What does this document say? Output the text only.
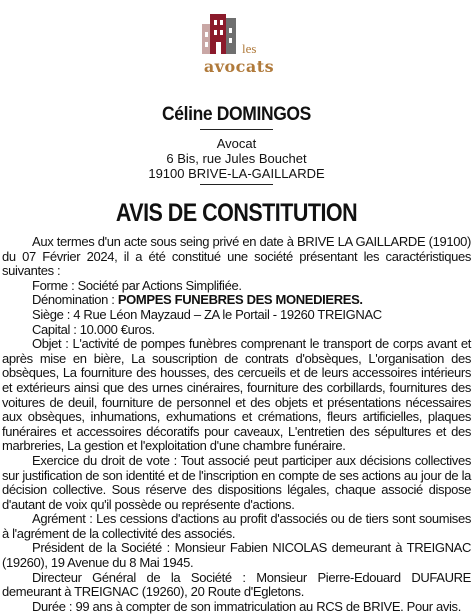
les
avocats
Céline DOMINGOS
Avocat
6 Bis, rue Jules Bouchet
19100 BRIVE-LA-GAILLARDE
AVIS DE CONSTITUTION

Aux termes d'un acte sous seing privé en date à BRIVE LA GAILLARDE (19100) du 07 Février 2024, il a été constitué une société présentant les caractéristiques suivantes :

Forme : Société par Actions Simplifiée.

Dénomination : POMPES FUNEBRES DES MONEDIERES.

Siège : 4 Rue Léon Mayzaud – ZA le Portail - 19260 TREIGNAC

Capital : 10.000 €uros.

Objet : L'activité de pompes funèbres comprenant le transport de corps avant et après mise en bière, La souscription de contrats d'obsèques, L'organisation des obsèques, La fourniture des housses, des cercueils et de leurs accessoires intérieurs et extérieurs ainsi que des urnes cinéraires, fourniture des corbillards, fournitures des voitures de deuil, fourniture de personnel et des objets et présentations nécessaires aux obsèques, inhumations, exhumations et crémations, fleurs artificielles, plaques funéraires et accessoires décoratifs pour caveaux, L'entretien des sépultures et des marbreries, La gestion et l'exploitation d'une chambre funéraire.

Exercice du droit de vote : Tout associé peut participer aux décisions collectives sur justification de son identité et de l'inscription en compte de ses actions au jour de la décision collective. Sous réserve des dispositions légales, chaque associé dispose d'autant de voix qu'il possède ou représente d'actions.

Agrément : Les cessions d'actions au profit d'associés ou de tiers sont soumises à l'agrément de la collectivité des associés.

Président de la Société : Monsieur Fabien NICOLAS demeurant à TREIGNAC (19260), 19 Avenue du 8 Mai 1945.

Directeur Général de la Société : Monsieur Pierre-Edouard DUFAURE demeurant à TREIGNAC (19260), 20 Route d'Egletons.

Durée : 99 ans à compter de son immatriculation au RCS de BRIVE. Pour avis.
